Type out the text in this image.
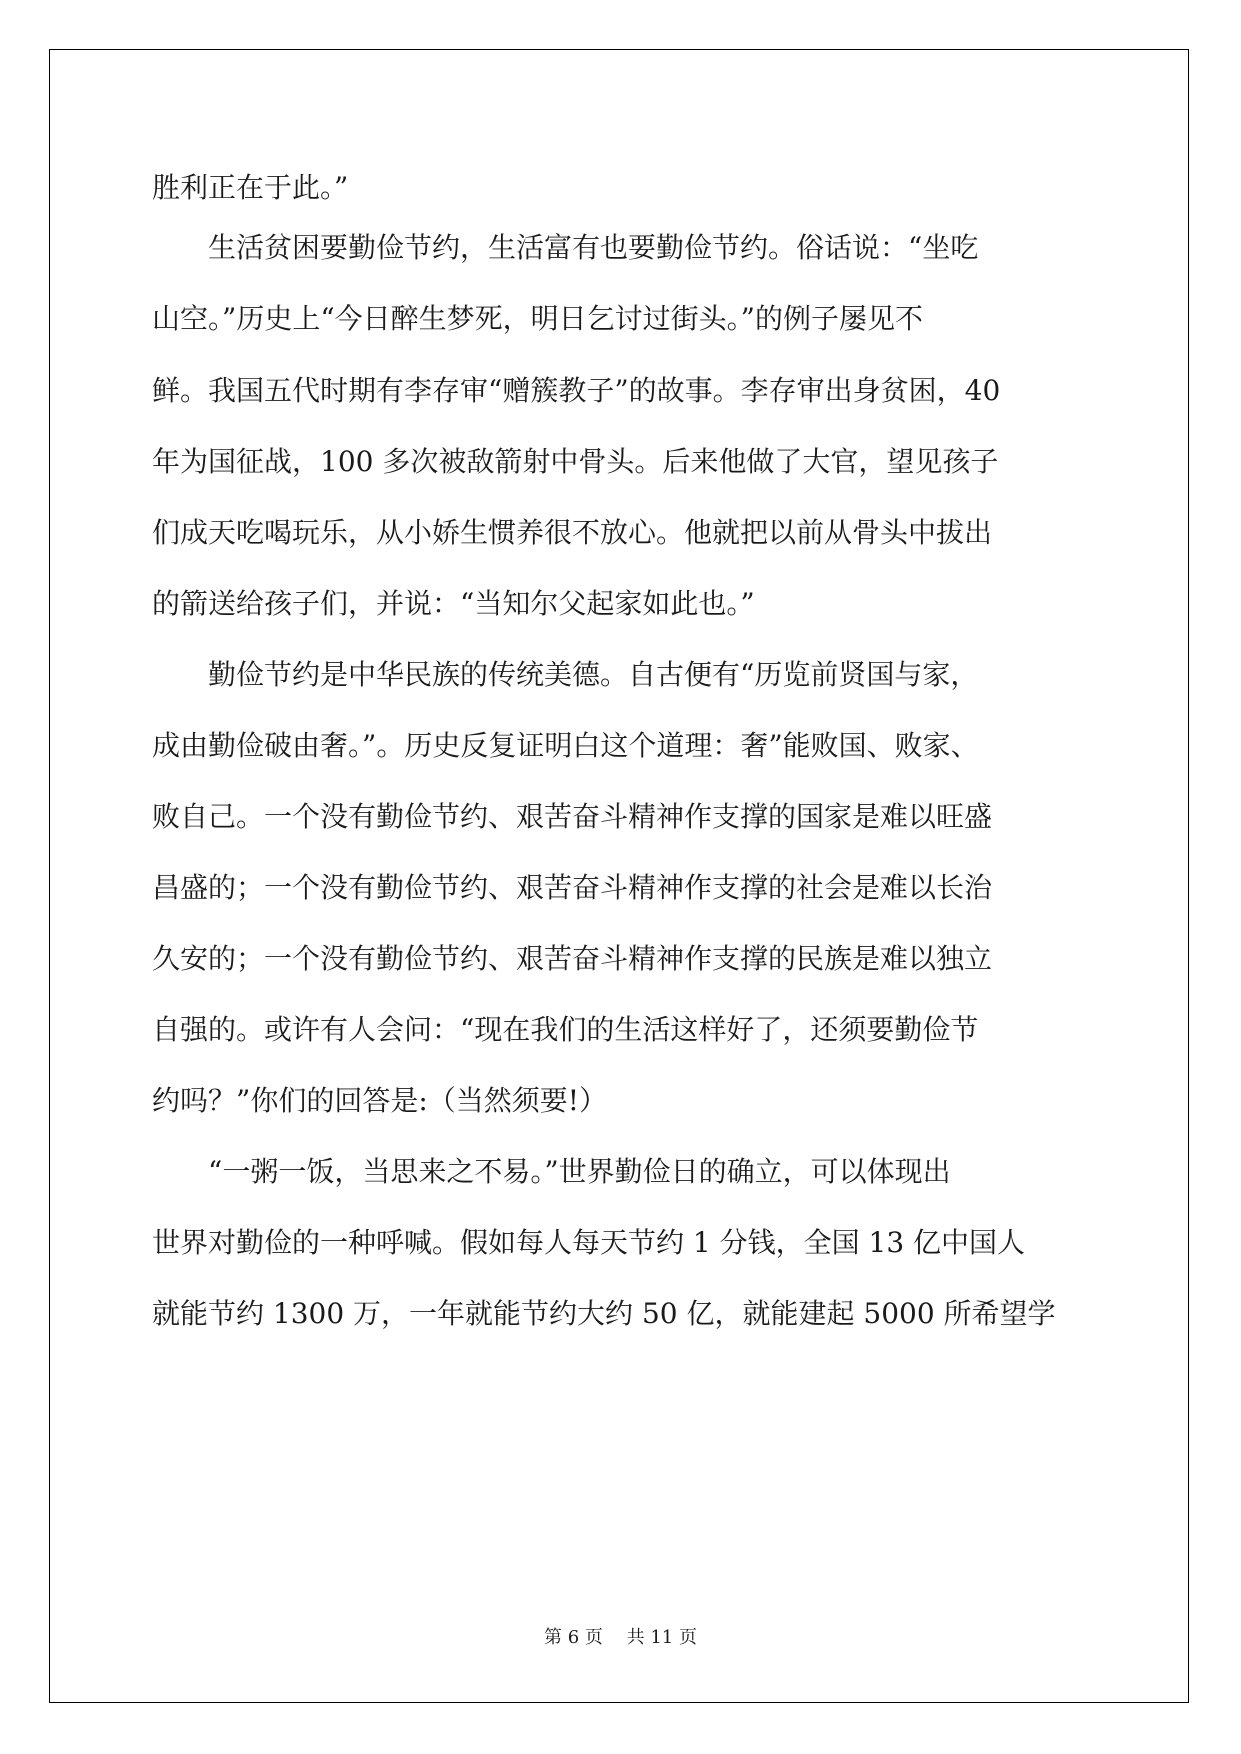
胜利正在于此。”
　　生活贫困要勤俭节约，生活富有也要勤俭节约。俗话说：“坐吃
山空。”历史上“今日醉生梦死，明日乞讨过街头。”的例子屡见不
鲜。我国五代时期有李存审“赠簇教子”的故事。李存审出身贫困，40
年为国征战，100 多次被敌箭射中骨头。后来他做了大官，望见孩子
们成天吃喝玩乐，从小娇生惯养很不放心。他就把以前从骨头中拔出
的箭送给孩子们，并说：“当知尔父起家如此也。”
　　勤俭节约是中华民族的传统美德。自古便有“历览前贤国与家，
成由勤俭破由奢。”。历史反复证明白这个道理：奢”能败国、败家、
败自己。一个没有勤俭节约、艰苦奋斗精神作支撑的国家是难以旺盛
昌盛的；一个没有勤俭节约、艰苦奋斗精神作支撑的社会是难以长治
久安的；一个没有勤俭节约、艰苦奋斗精神作支撑的民族是难以独立
自强的。或许有人会问：“现在我们的生活这样好了，还须要勤俭节
约吗？”你们的回答是:（当然须要!）
　　“一粥一饭，当思来之不易。”世界勤俭日的确立，可以体现出
世界对勤俭的一种呼喊。假如每人每天节约 1 分钱，全国 13 亿中国人
就能节约 1300 万，一年就能节约大约 50 亿，就能建起 5000 所希望学
第 6 页　 共 11 页
